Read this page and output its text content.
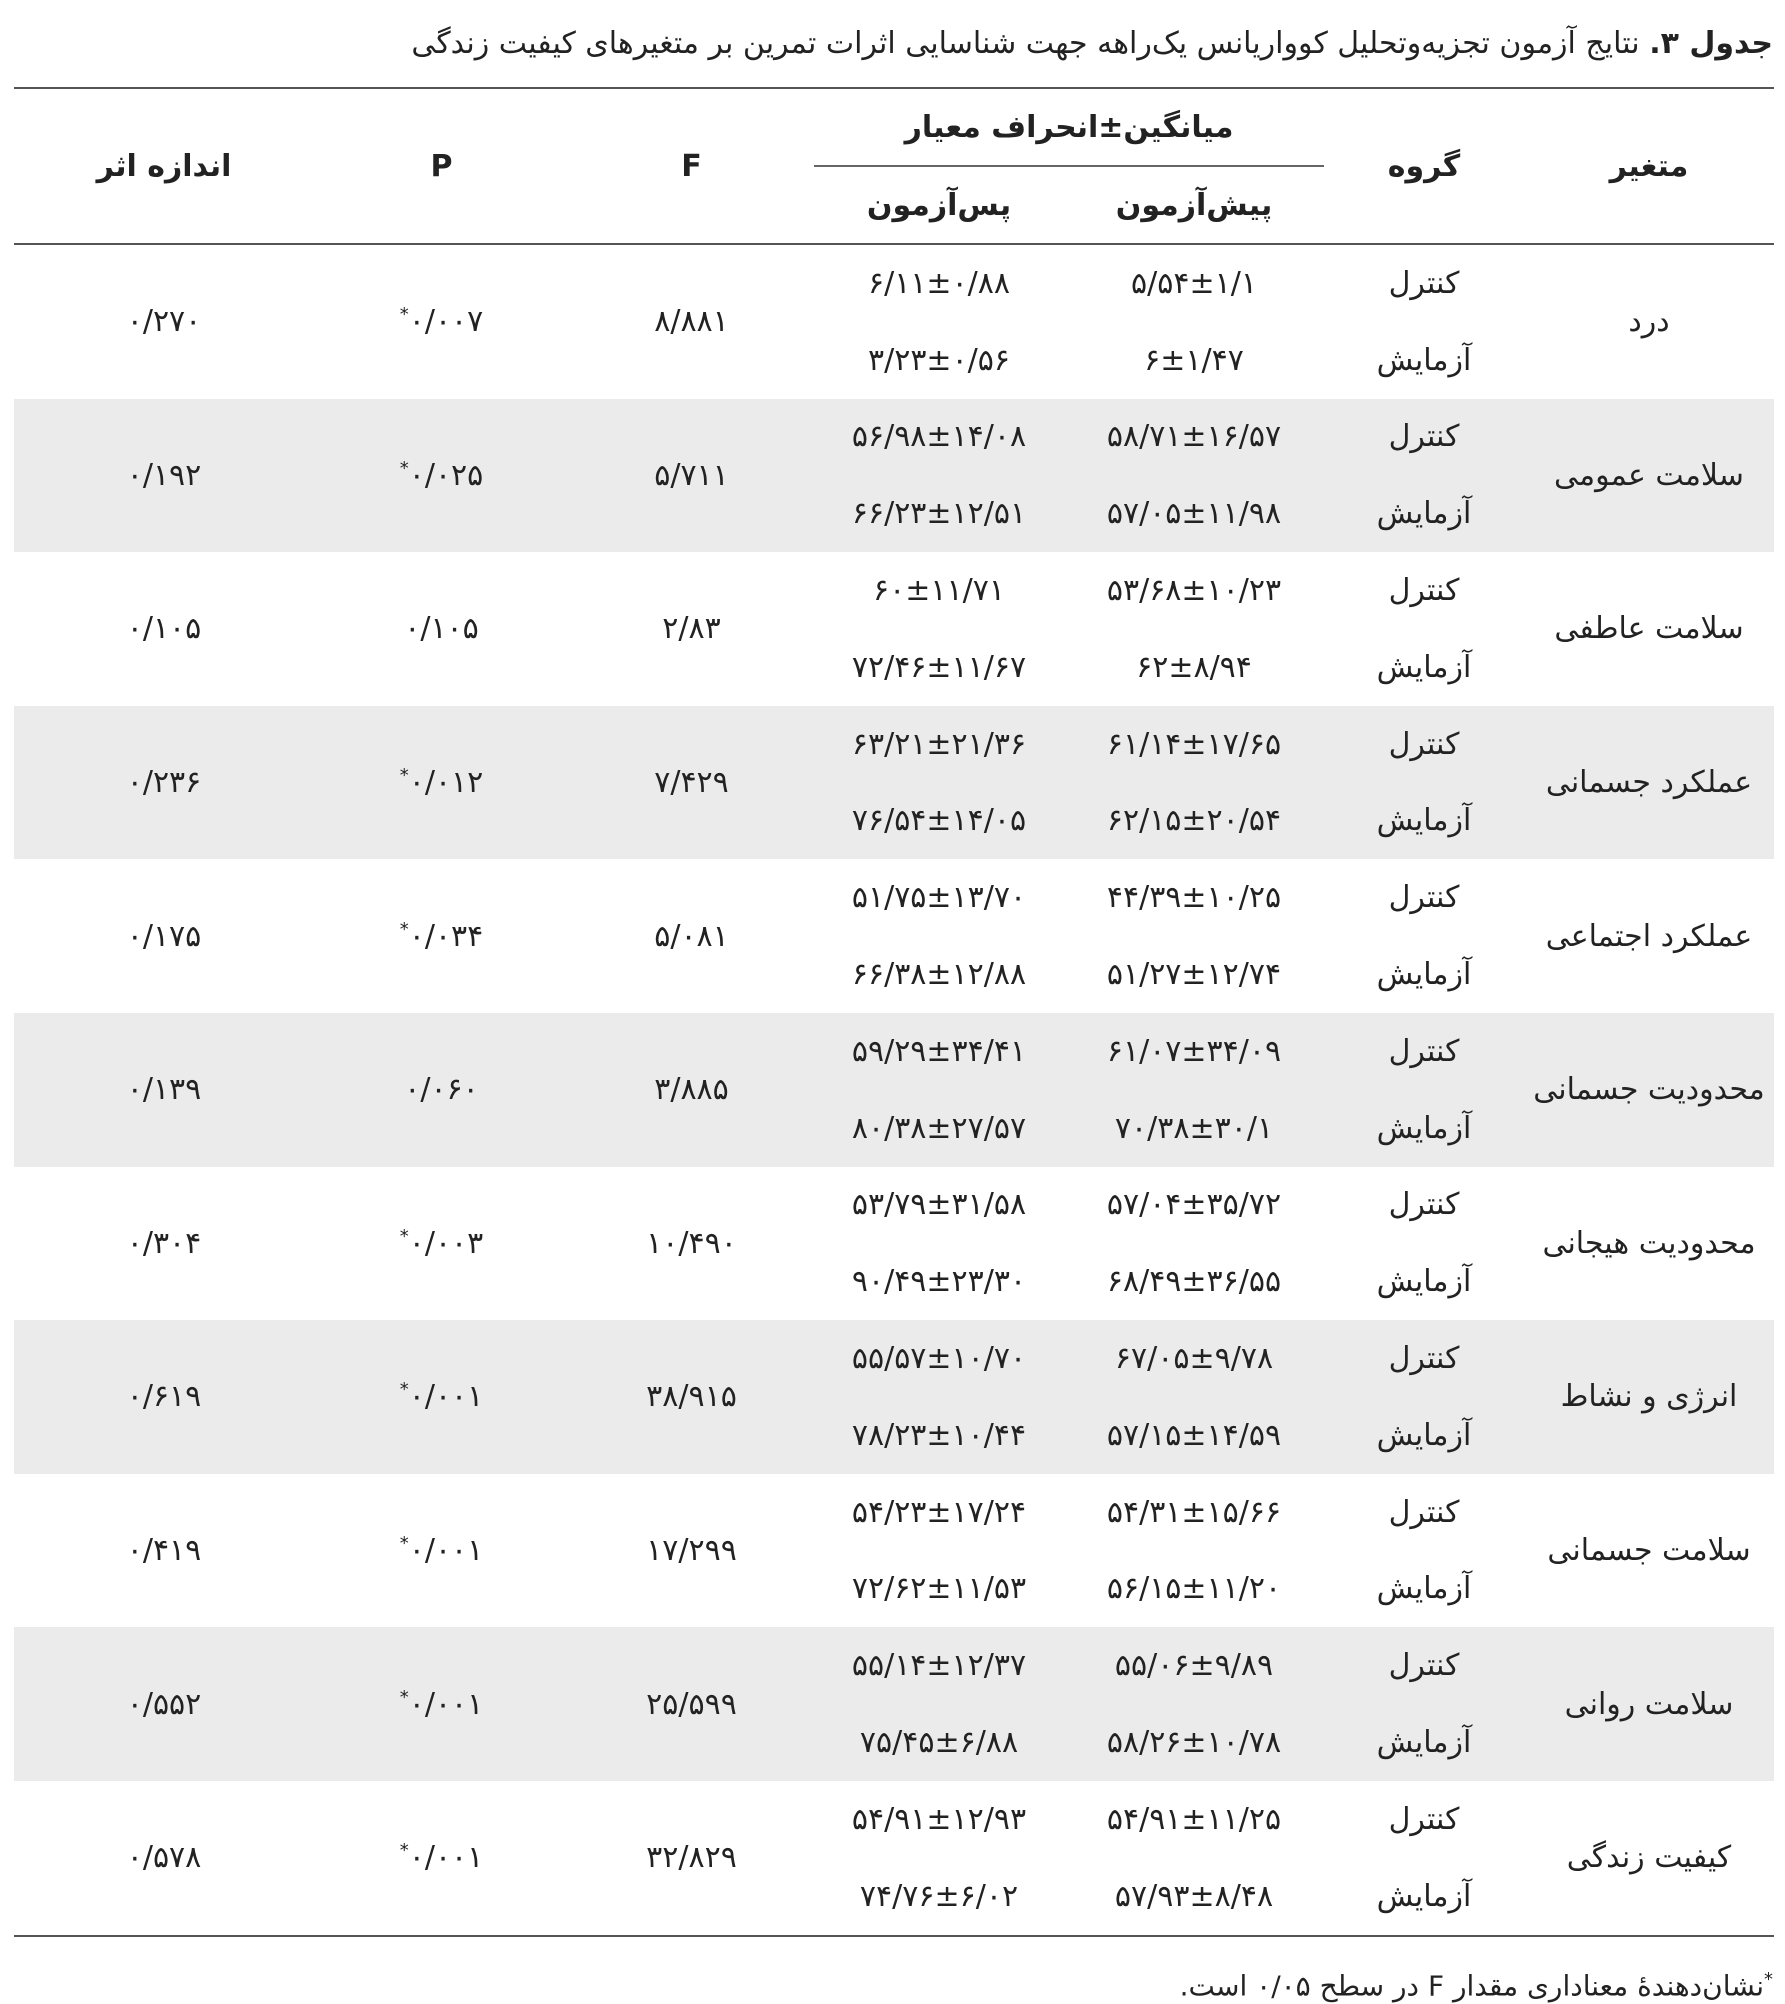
جدول ۳. نتایج آزمون تجزیه‌وتحلیل کوواریانس یک‌راهه جهت شناسایی اثرات تمرین بر متغیرهای کیفیت زندگی
متغیر	گروه	میانگین±انحراف معیار		F	P	اندازه اثر
		پیش‌آزمون	پس‌آزمون			
درد	کنترل	۵/۵۴±۱/۱	۶/۱۱±۰/۸۸	۸/۸۸۱	۰/۰۰۷*	۰/۲۷۰
	آزمایش	۶±۱/۴۷	۳/۲۳±۰/۵۶			
سلامت عمومی	کنترل	۵۸/۷۱±۱۶/۵۷	۵۶/۹۸±۱۴/۰۸	۵/۷۱۱	۰/۰۲۵*	۰/۱۹۲
	آزمایش	۵۷/۰۵±۱۱/۹۸	۶۶/۲۳±۱۲/۵۱			
سلامت عاطفی	کنترل	۵۳/۶۸±۱۰/۲۳	۶۰±۱۱/۷۱	۲/۸۳	۰/۱۰۵	۰/۱۰۵
	آزمایش	۶۲±۸/۹۴	۷۲/۴۶±۱۱/۶۷			
عملکرد جسمانی	کنترل	۶۱/۱۴±۱۷/۶۵	۶۳/۲۱±۲۱/۳۶	۷/۴۲۹	۰/۰۱۲*	۰/۲۳۶
	آزمایش	۶۲/۱۵±۲۰/۵۴	۷۶/۵۴±۱۴/۰۵			
عملکرد اجتماعی	کنترل	۴۴/۳۹±۱۰/۲۵	۵۱/۷۵±۱۳/۷۰	۵/۰۸۱	۰/۰۳۴*	۰/۱۷۵
	آزمایش	۵۱/۲۷±۱۲/۷۴	۶۶/۳۸±۱۲/۸۸			
محدودیت جسمانی	کنترل	۶۱/۰۷±۳۴/۰۹	۵۹/۲۹±۳۴/۴۱	۳/۸۸۵	۰/۰۶۰	۰/۱۳۹
	آزمایش	۷۰/۳۸±۳۰/۱	۸۰/۳۸±۲۷/۵۷			
محدودیت هیجانی	کنترل	۵۷/۰۴±۳۵/۷۲	۵۳/۷۹±۳۱/۵۸	۱۰/۴۹۰	۰/۰۰۳*	۰/۳۰۴
	آزمایش	۶۸/۴۹±۳۶/۵۵	۹۰/۴۹±۲۳/۳۰			
انرژی و نشاط	کنترل	۶۷/۰۵±۹/۷۸	۵۵/۵۷±۱۰/۷۰	۳۸/۹۱۵	۰/۰۰۱*	۰/۶۱۹
	آزمایش	۵۷/۱۵±۱۴/۵۹	۷۸/۲۳±۱۰/۴۴			
سلامت جسمانی	کنترل	۵۴/۳۱±۱۵/۶۶	۵۴/۲۳±۱۷/۲۴	۱۷/۲۹۹	۰/۰۰۱*	۰/۴۱۹
	آزمایش	۵۶/۱۵±۱۱/۲۰	۷۲/۶۲±۱۱/۵۳			
سلامت روانی	کنترل	۵۵/۰۶±۹/۸۹	۵۵/۱۴±۱۲/۳۷	۲۵/۵۹۹	۰/۰۰۱*	۰/۵۵۲
	آزمایش	۵۸/۲۶±۱۰/۷۸	۷۵/۴۵±۶/۸۸			
کیفیت زندگی	کنترل	۵۴/۹۱±۱۱/۲۵	۵۴/۹۱±۱۲/۹۳	۳۲/۸۲۹	۰/۰۰۱*	۰/۵۷۸
	آزمایش	۵۷/۹۳±۸/۴۸	۷۴/۷۶±۶/۰۲			
*نشان‌دهندهٔ معناداری مقدار F در سطح ۰/۰۵ است.
